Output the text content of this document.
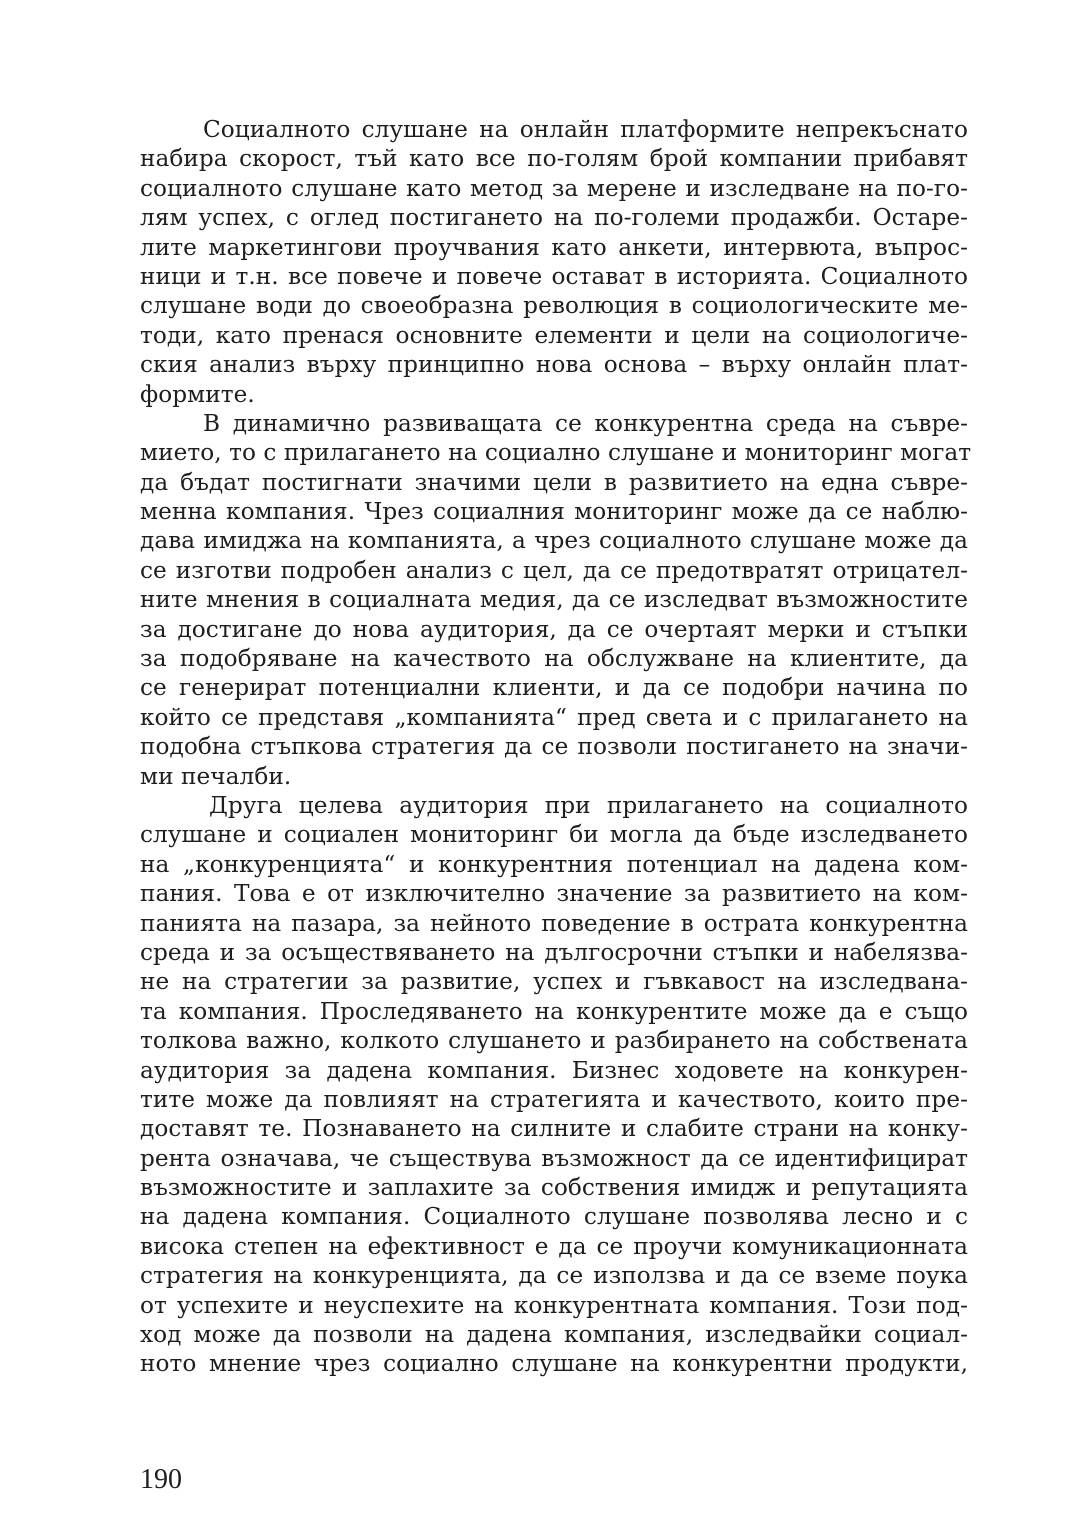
Социалното слушане на онлайн платформите непрекъснато
набира скорост, тъй като все по-голям брой компании прибавят
социалното слушане като метод за мерене и изследване на по-го-
лям успех, с оглед постигането на по-големи продажби. Остаре-
лите маркетингови проучвания като анкети, интервюта, въпрос-
ници и т.н. все повече и повече остават в историята. Социалното
слушане води до своеобразна революция в социологическите ме-
тоди, като пренася основните елементи и цели на социологиче-
ския анализ върху принципно нова основа – върху онлайн плат-
формите.
В динамично развиващата се конкурентна среда на съвре-
мието, то с прилагането на социално слушане и мониторинг могат
да бъдат постигнати значими цели в развитието на една съвре-
менна компания. Чрез социалния мониторинг може да се наблю-
дава имиджа на компанията, а чрез социалното слушане може да
се изготви подробен анализ с цел, да се предотвратят отрицател-
ните мнения в социалната медия, да се изследват възможностите
за достигане до нова аудитория, да се очертаят мерки и стъпки
за подобряване на качеството на обслужване на клиентите, да
се генерират потенциални клиенти, и да се подобри начина по
който се представя „компанията“ пред света и с прилагането на
подобна стъпкова стратегия да се позволи постигането на значи-
ми печалби.
Друга целева аудитория при прилагането на социалното
слушане и социален мониторинг би могла да бъде изследването
на „конкуренцията“ и конкурентния потенциал на дадена ком-
пания. Това е от изключително значение за развитието на ком-
панията на пазара, за нейното поведение в острата конкурентна
среда и за осъществяването на дългосрочни стъпки и набелязва-
не на стратегии за развитие, успех и гъвкавост на изследвана-
та компания. Проследяването на конкурентите може да е също
толкова важно, колкото слушането и разбирането на собствената
аудитория за дадена компания. Бизнес ходовете на конкурен-
тите може да повлияят на стратегията и качеството, които пре-
доставят те. Познаването на силните и слабите страни на конку-
рента означава, че съществува възможност да се идентифицират
възможностите и заплахите за собствения имидж и репутацията
на дадена компания. Социалното слушане позволява лесно и с
висока степен на ефективност е да се проучи комуникационната
стратегия на конкуренцията, да се използва и да се вземе поука
от успехите и неуспехите на конкурентната компания. Този под-
ход може да позволи на дадена компания, изследвайки социал-
ното мнение чрез социално слушане на конкурентни продукти,
190
